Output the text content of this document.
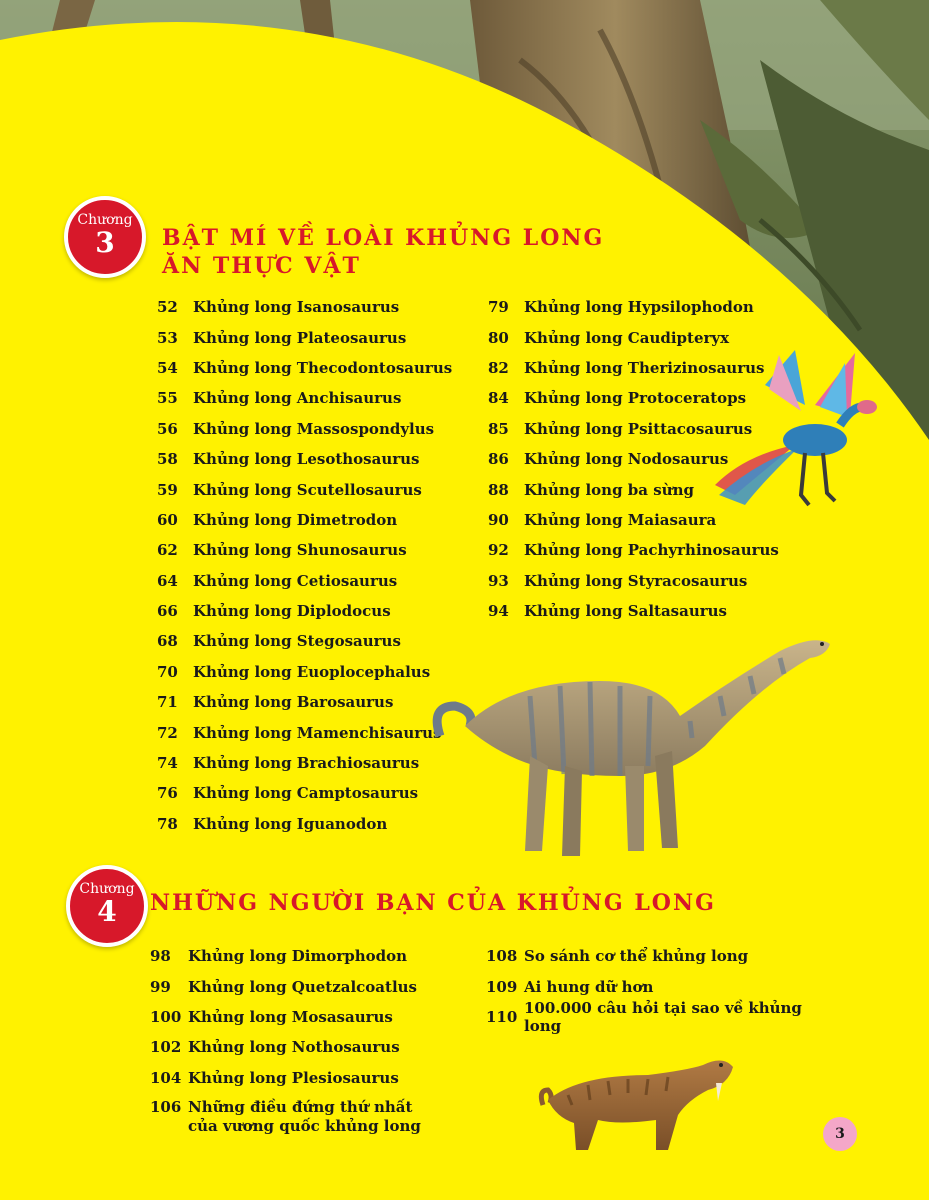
Chương
3	BẬT MÍ VỀ LOÀI KHỦNG LONG
ĂN THỰC VẬT
52	Khủng long Isanosaurus
53	Khủng long Plateosaurus
54	Khủng long Thecodontosaurus
55	Khủng long Anchisaurus
56	Khủng long Massospondylus
58	Khủng long Lesothosaurus
59	Khủng long Scutellosaurus
60	Khủng long Dimetrodon
62	Khủng long Shunosaurus
64	Khủng long Cetiosaurus
66	Khủng long Diplodocus
68	Khủng long Stegosaurus
70	Khủng long Euoplocephalus
71	Khủng long Barosaurus
72	Khủng long Mamenchisaurus
74	Khủng long Brachiosaurus
76	Khủng long Camptosaurus
78	Khủng long Iguanodon
79	Khủng long Hypsilophodon
80	Khủng long Caudipteryx
82	Khủng long Therizinosaurus
84	Khủng long Protoceratops
85	Khủng long Psittacosaurus
86	Khủng long Nodosaurus
88	Khủng long ba sừng
90	Khủng long Maiasaura
92	Khủng long Pachyrhinosaurus
93	Khủng long Styracosaurus
94	Khủng long Saltasaurus
Chương
4	NHỮNG NGƯỜI BẠN CỦA KHỦNG LONG
98	Khủng long Dimorphodon
99	Khủng long Quetzalcoatlus
100 Khủng long Mosasaurus
102 Khủng long Nothosaurus
104 Khủng long Plesiosaurus
106 Những điều đứng thứ nhất
của vương quốc khủng long
108 So sánh cơ thể khủng long
109 Ai hung dữ hơn
110 100.000 câu hỏi tại sao về khủng long
3
